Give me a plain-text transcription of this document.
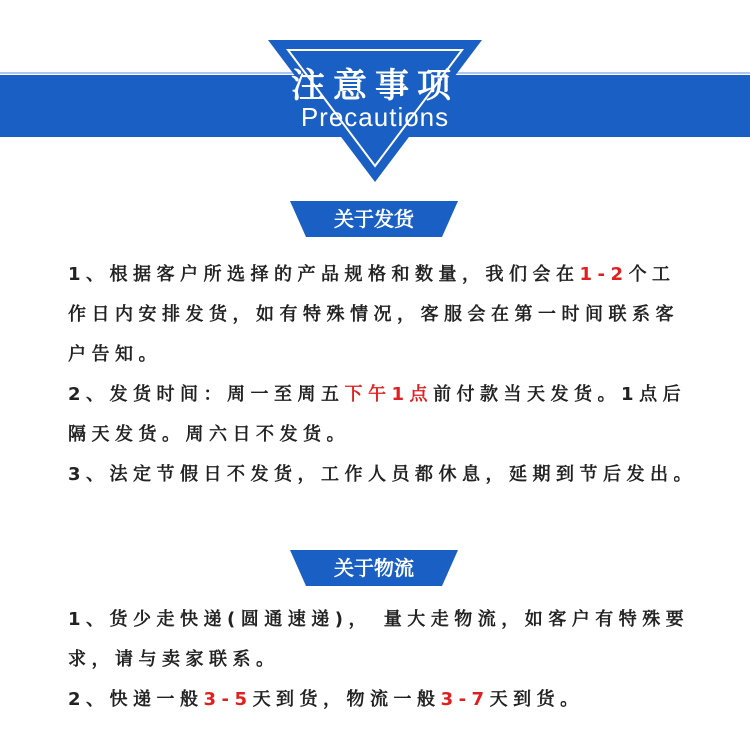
注意事项
Precautions
关于发货
1、根据客户所选择的产品规格和数量，我们会在1-2个工
作日内安排发货，如有特殊情况，客服会在第一时间联系客
户告知。
2、发货时间：周一至周五下午1点前付款当天发货。1点后
隔天发货。周六日不发货。
3、法定节假日不发货，工作人员都休息，延期到节后发出。
关于物流
1、货少走快递(圆通速递)， 量大走物流，如客户有特殊要
求，请与卖家联系。
2、快递一般3-5天到货，物流一般3-7天到货。
